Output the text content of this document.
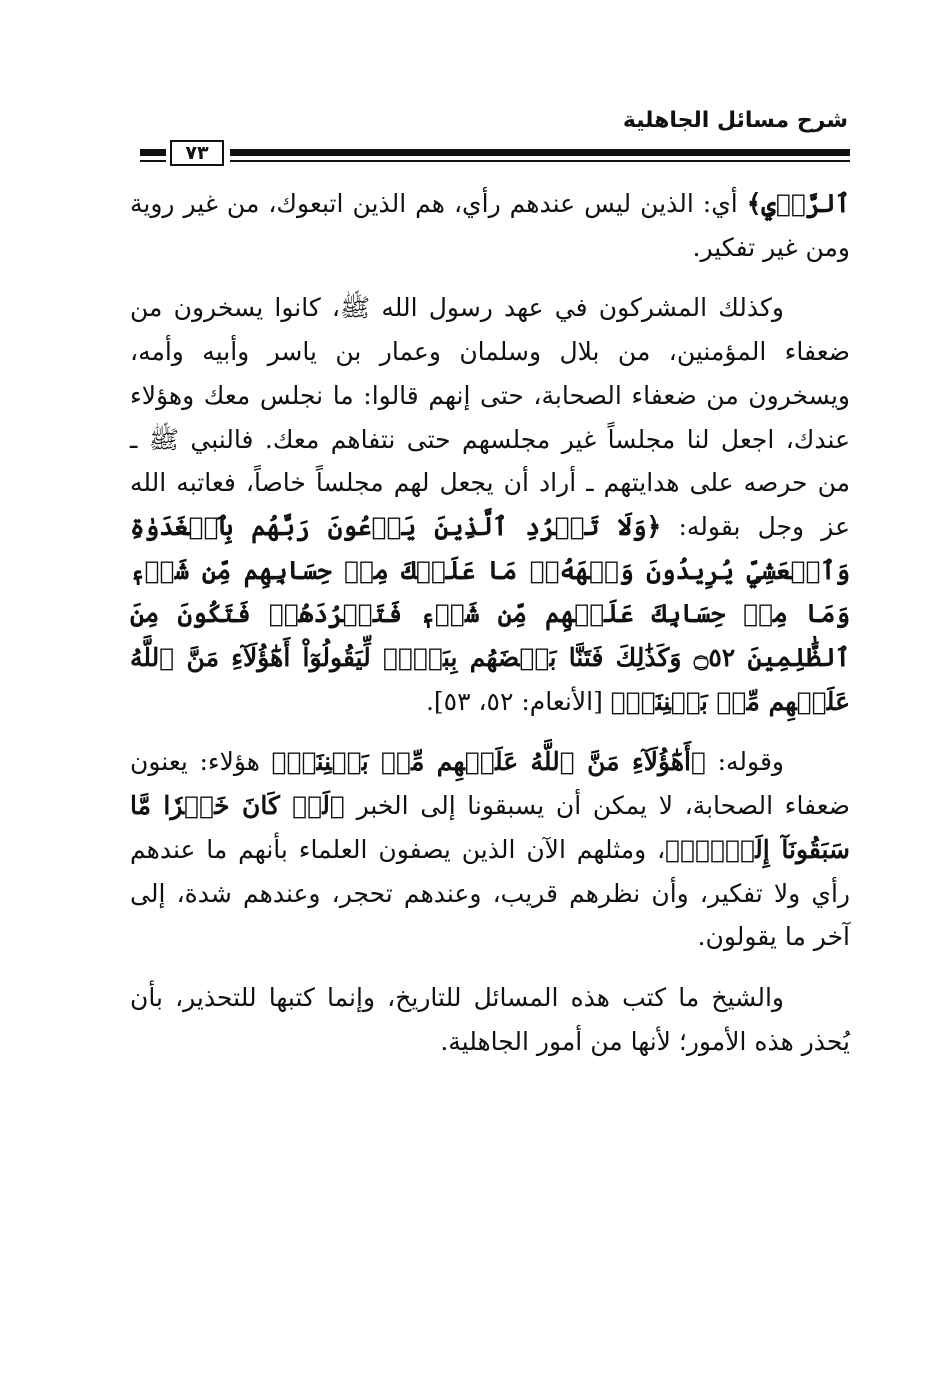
شرح مسائل الجاهلية
٧٣

ٱلرَّأۡيِ﴾ أي: الذين ليس عندهم رأي، هم الذين اتبعوك، من غير روية ومن غير تفكير.

وكذلك المشركون في عهد رسول الله ﷺ، كانوا يسخرون من ضعفاء المؤمنين، من بلال وسلمان وعمار بن ياسر وأبيه وأمه، ويسخرون من ضعفاء الصحابة، حتى إنهم قالوا: ما نجلس معك وهؤلاء عندك، اجعل لنا مجلساً غير مجلسهم حتى نتفاهم معك. فالنبي ﷺ ـ من حرصه على هدايتهم ـ أراد أن يجعل لهم مجلساً خاصاً، فعاتبه الله عز وجل بقوله: ﴿وَلَا تَطۡرُدِ ٱلَّذِينَ يَدۡعُونَ رَبَّهُم بِٱلۡغَدَوٰةِ وَٱلۡعَشِيِّ يُرِيدُونَ وَجۡهَهُۥۖ مَا عَلَيۡكَ مِنۡ حِسَابِهِم مِّن شَيۡءٖ وَمَا مِنۡ حِسَابِكَ عَلَيۡهِم مِّن شَيۡءٖ فَتَطۡرُدَهُمۡ فَتَكُونَ مِنَ ٱلظَّٰلِمِينَ ۝٥٢ وَكَذَٰلِكَ فَتَنَّا بَعۡضَهُم بِبَعۡضٖ لِّيَقُولُوٓاْ أَهَٰٓؤُلَآءِ مَنَّ ٱللَّهُ عَلَيۡهِم مِّنۢ بَيۡنِنَآۗ﴾ [الأنعام: ٥٢، ٥٣].

وقوله: ﴿أَهَٰٓؤُلَآءِ مَنَّ ٱللَّهُ عَلَيۡهِم مِّنۢ بَيۡنِنَآۗ﴾ هؤلاء: يعنون ضعفاء الصحابة، لا يمكن أن يسبقونا إلى الخبر ﴿لَوۡ كَانَ خَيۡرٗا مَّا سَبَقُونَآ إِلَيۡهِۚ﴾، ومثلهم الآن الذين يصفون العلماء بأنهم ما عندهم رأي ولا تفكير، وأن نظرهم قريب، وعندهم تحجر، وعندهم شدة، إلى آخر ما يقولون.

والشيخ ما كتب هذه المسائل للتاريخ، وإنما كتبها للتحذير، بأن يُحذر هذه الأمور؛ لأنها من أمور الجاهلية.
